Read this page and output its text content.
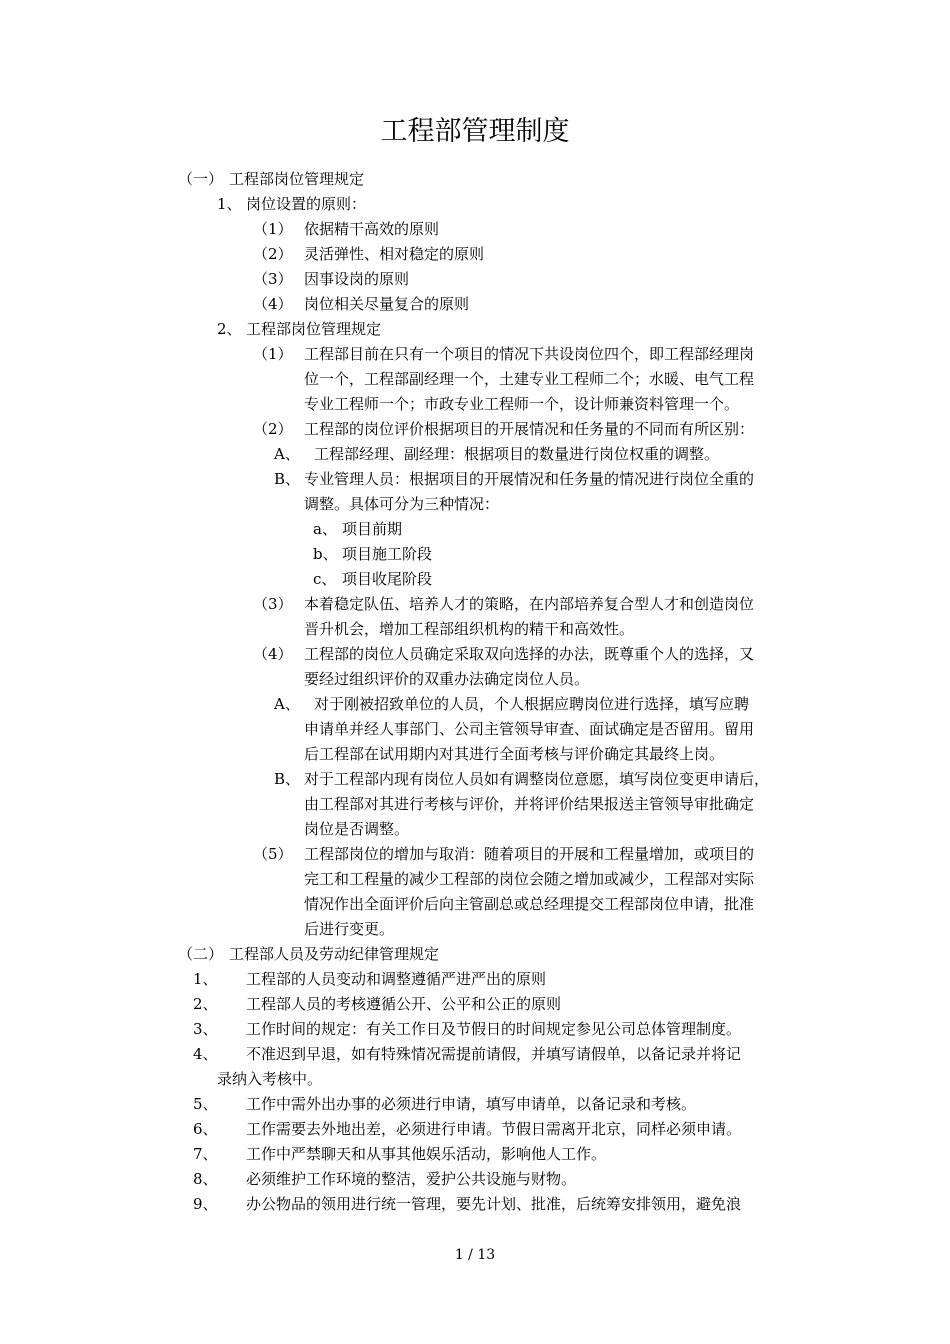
工程部管理制度
（一） 工程部岗位管理规定
1、 岗位设置的原则：
（1） 依据精干高效的原则
（2） 灵活弹性、相对稳定的原则
（3） 因事设岗的原则
（4） 岗位相关尽量复合的原则
2、 工程部岗位管理规定
（1） 工程部目前在只有一个项目的情况下共设岗位四个，即工程部经理岗
位一个，工程部副经理一个，土建专业工程师二个；水暖、电气工程
专业工程师一个；市政专业工程师一个，设计师兼资料管理一个。
（2） 工程部的岗位评价根据项目的开展情况和任务量的不同而有所区别：
A、 工程部经理、副经理：根据项目的数量进行岗位权重的调整。
B、 专业管理人员：根据项目的开展情况和任务量的情况进行岗位全重的
调整。具体可分为三种情况：
a、 项目前期
b、 项目施工阶段
c、 项目收尾阶段
（3） 本着稳定队伍、培养人才的策略，在内部培养复合型人才和创造岗位
晋升机会，增加工程部组织机构的精干和高效性。
（4） 工程部的岗位人员确定采取双向选择的办法，既尊重个人的选择，又
要经过组织评价的双重办法确定岗位人员。
A、 对于刚被招致单位的人员，个人根据应聘岗位进行选择，填写应聘
申请单并经人事部门、公司主管领导审查、面试确定是否留用。留用
后工程部在试用期内对其进行全面考核与评价确定其最终上岗。
B、 对于工程部内现有岗位人员如有调整岗位意愿，填写岗位变更申请后，
由工程部对其进行考核与评价，并将评价结果报送主管领导审批确定
岗位是否调整。
（5） 工程部岗位的增加与取消：随着项目的开展和工程量增加，或项目的
完工和工程量的减少工程部的岗位会随之增加或减少，工程部对实际
情况作出全面评价后向主管副总或总经理提交工程部岗位申请，批准
后进行变更。
（二） 工程部人员及劳动纪律管理规定
1、 工程部的人员变动和调整遵循严进严出的原则
2、 工程部人员的考核遵循公开、公平和公正的原则
3、 工作时间的规定：有关工作日及节假日的时间规定参见公司总体管理制度。
4、 不准迟到早退，如有特殊情况需提前请假，并填写请假单，以备记录并将记
录纳入考核中。
5、 工作中需外出办事的必须进行申请，填写申请单，以备记录和考核。
6、 工作需要去外地出差，必须进行申请。节假日需离开北京，同样必须申请。
7、 工作中严禁聊天和从事其他娱乐活动，影响他人工作。
8、 必须维护工作环境的整洁，爱护公共设施与财物。
9、 办公物品的领用进行统一管理，要先计划、批准，后统筹安排领用，避免浪
1 / 13
